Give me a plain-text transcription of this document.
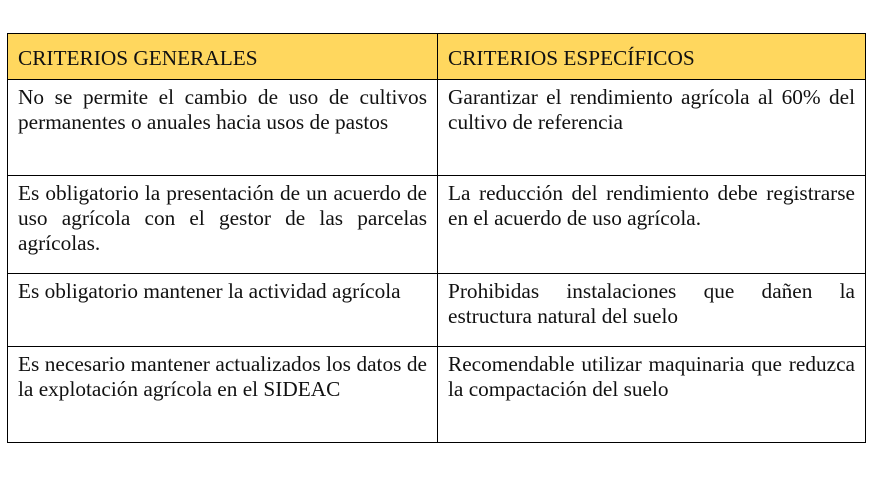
CRITERIOS GENERALES	CRITERIOS ESPECÍFICOS
No se permite el cambio de uso de cultivos permanentes o anuales hacia usos de pastos	Garantizar el rendimiento agrícola al 60% del cultivo de referencia
Es obligatorio la presentación de un acuerdo de uso agrícola con el gestor de las parcelas agrícolas.	La reducción del rendimiento debe registrarse en el acuerdo de uso agrícola.
Es obligatorio mantener la actividad agrícola	Prohibidas instalaciones que dañen la estructura natural del suelo
Es necesario mantener actualizados los datos de la explotación agrícola en el SIDEAC	Recomendable utilizar maquinaria que reduzca la compactación del suelo
